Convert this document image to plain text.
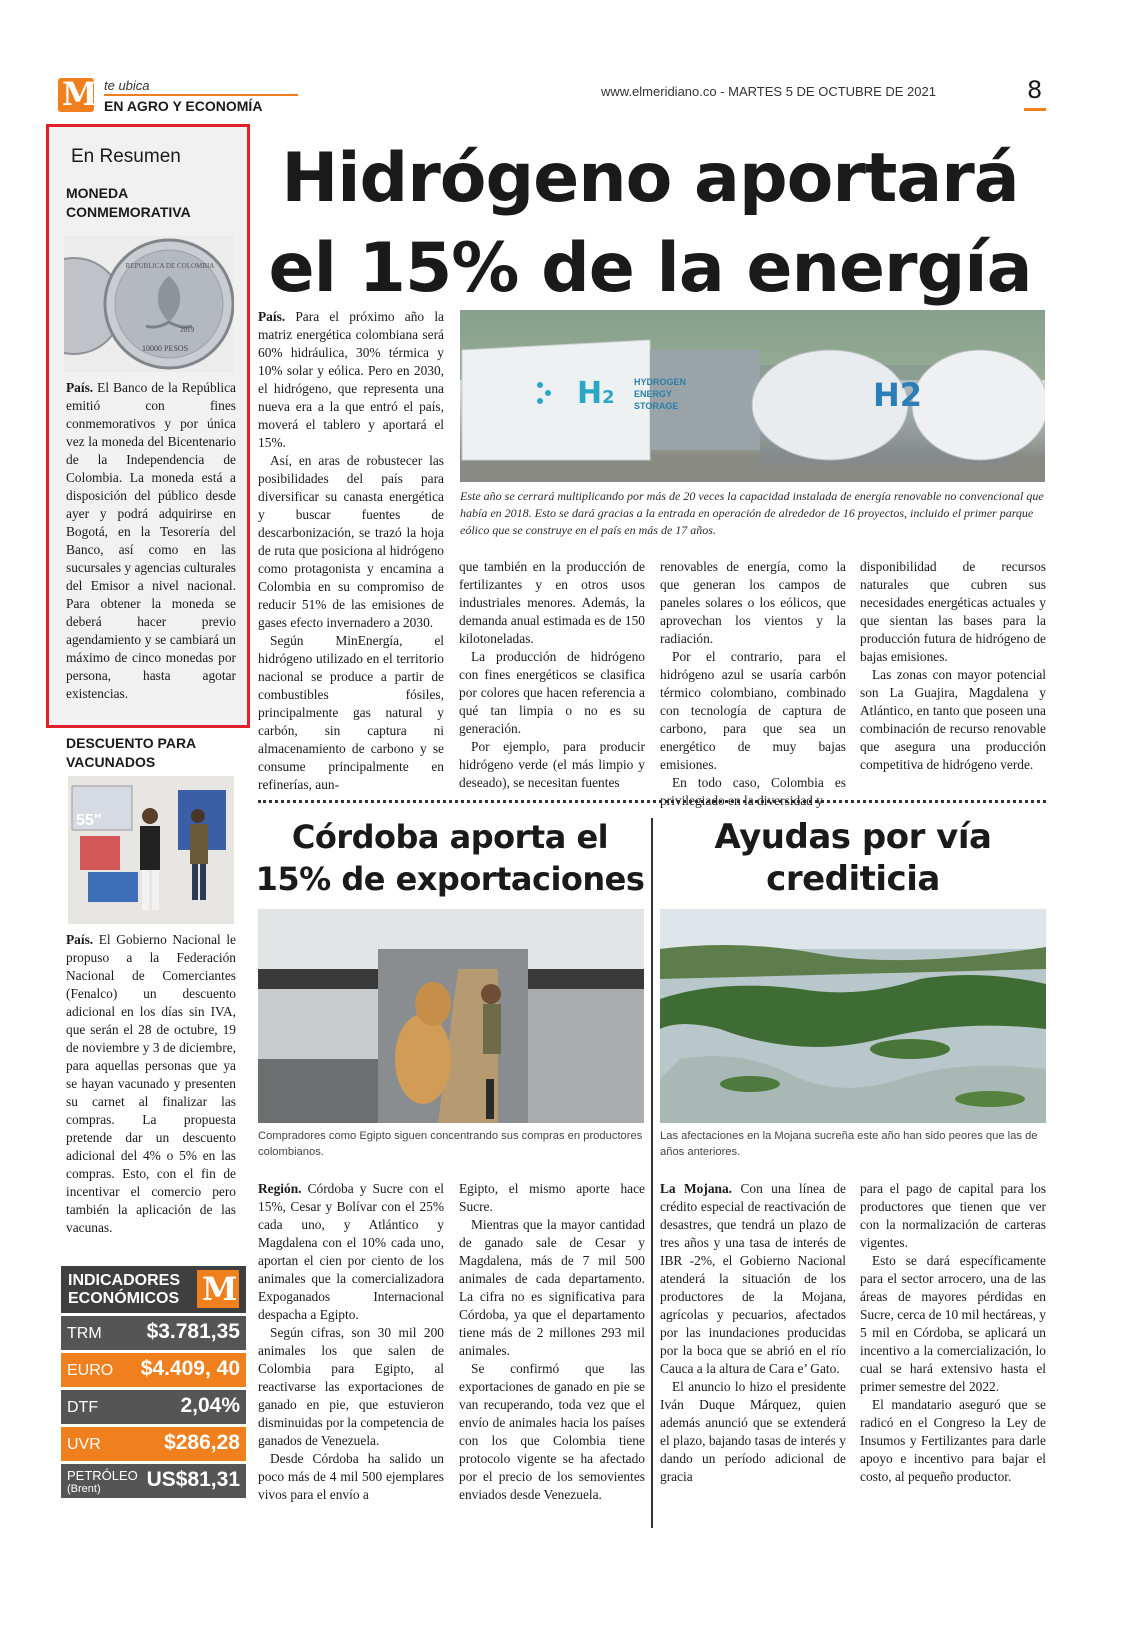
M te ubica
EN AGRO Y ECONOMÍA
www.elmeridiano.co - MARTES 5 DE OCTUBRE DE 2021	8
En Resumen
MONEDA CONMEMORATIVA
REPUBLICA DE COLOMBIA
2019
10000 PESOS

País. El Banco de la República emitió con fines conmemorativos y por única vez la moneda del Bicentenario de la Independencia de Colombia. La moneda está a disposición del público desde ayer y podrá adquirirse en Bogotá, en la Tesorería del Banco, así como en las sucursales y agencias culturales del Emisor a nivel nacional. Para obtener la moneda se deberá hacer previo agendamiento y se cambiará un máximo de cinco monedas por persona, hasta agotar existencias.

DESCUENTO PARA VACUNADOS
55"

País. El Gobierno Nacional le propuso a la Federación Nacional de Comerciantes (Fenalco) un descuento adicional en los días sin IVA, que serán el 28 de octubre, 19 de noviembre y 3 de diciembre, para aquellas personas que ya se hayan vacunado y presenten su carnet al finalizar las compras. La propuesta pretende dar un descuento adicional del 4% o 5% en las compras. Esto, con el fin de incentivar el comercio pero también la aplicación de las vacunas.

INDICADORES
ECONÓMICOS M
TRM $3.781,35
EURO $4.409, 40
DTF	2,04%
UVR	$286,28
PETRÓLEO
(Brent) US$81,31
Hidrógeno aportará
el 15% de la energía
H2
HYDROGEN
ENERGY
STORAGE	H2
Este año se cerrará multiplicando por más de 20 veces la capacidad instalada de energía renovable no convencional que había en 2018. Esto se dará gracias a la entrada en operación de alrededor de 16 proyectos, incluido el primer parque eólico que se construye en el país en más de 17 años.

País. Para el próximo año la matriz energética colombiana será 60% hidráulica, 30% térmica y 10% solar y eólica. Pero en 2030, el hidrógeno, que representa una nueva era a la que entró el país, moverá el tablero y aportará el 15%.

Así, en aras de robustecer las posibilidades del país para diversificar su canasta energética y buscar fuentes de descarbonización, se trazó la hoja de ruta que posiciona al hidrógeno como protagonista y encamina a Colombia en su compromiso de reducir 51% de las emisiones de gases efecto invernadero a 2030.

Según MinEnergía, el hidrógeno utilizado en el territorio nacional se produce a partir de combustibles fósiles, principalmente gas natural y carbón, sin captura ni almacenamiento de carbono y se consume principalmente en refinerías, aun-

que también en la producción de fertilizantes y en otros usos industriales menores. Además, la demanda anual estimada es de 150 kilotoneladas.

La producción de hidrógeno con fines energéticos se clasifica por colores que hacen referencia a qué tan limpia o no es su generación.

Por ejemplo, para producir hidrógeno verde (el más limpio y deseado), se necesitan fuentes

renovables de energía, como la que generan los campos de paneles solares o los eólicos, que aprovechan los vientos y la radiación.

Por el contrario, para el hidrógeno azul se usaría carbón térmico colombiano, combinado con tecnología de captura de carbono, para que sea un energético de muy bajas emisiones.

En todo caso, Colombia es privilegiado en la diversidad y

disponibilidad de recursos naturales que cubren sus necesidades energéticas actuales y que sientan las bases para la producción futura de hidrógeno de bajas emisiones.

Las zonas con mayor potencial son La Guajira, Magdalena y Atlántico, en tanto que poseen una combinación de recurso renovable que asegura una producción competitiva de hidrógeno verde.

Córdoba aporta el
15% de exportaciones
Compradores como Egipto siguen concentrando sus compras en productores colombianos.

Región. Córdoba y Sucre con el 15%, Cesar y Bolívar con el 25% cada uno, y Atlántico y Magdalena con el 10% cada uno, aportan el cien por ciento de los animales que la comercializadora Expoganados Internacional despacha a Egipto.

Según cifras, son 30 mil 200 animales los que salen de Colombia para Egipto, al reactivarse las exportaciones de ganado en pie, que estuvieron disminuidas por la competencia de ganados de Venezuela.

Desde Córdoba ha salido un poco más de 4 mil 500 ejemplares vivos para el envío a

Egipto, el mismo aporte hace Sucre.

Mientras que la mayor cantidad de ganado sale de Cesar y Magdalena, más de 7 mil 500 animales de cada departamento. La cifra no es significativa para Córdoba, ya que el departamento tiene más de 2 millones 293 mil animales.

Se confirmó que las exportaciones de ganado en pie se van recuperando, toda vez que el envío de animales hacia los países con los que Colombia tiene protocolo vigente se ha afectado por el precio de los semovientes enviados desde Venezuela.

Ayudas por vía
crediticia
Las afectaciones en la Mojana sucreña este año han sido peores que las de años anteriores.

La Mojana. Con una línea de crédito especial de reactivación de desastres, que tendrá un plazo de tres años y una tasa de interés de IBR -2%, el Gobierno Nacional atenderá la situación de los productores de la Mojana, agrícolas y pecuarios, afectados por las inundaciones producidas por la boca que se abrió en el río Cauca a la altura de Cara e’ Gato.

El anuncio lo hizo el presidente Iván Duque Márquez, quien además anunció que se extenderá el plazo, bajando tasas de interés y dando un período adicional de gracia

para el pago de capital para los productores que tienen que ver con la normalización de carteras vigentes.

Esto se dará específicamente para el sector arrocero, una de las áreas de mayores pérdidas en Sucre, cerca de 10 mil hectáreas, y 5 mil en Córdoba, se aplicará un incentivo a la comercialización, lo cual se hará extensivo hasta el primer semestre del 2022.

El mandatario aseguró que se radicó en el Congreso la Ley de Insumos y Fertilizantes para darle apoyo e incentivo para bajar el costo, al pequeño productor.
